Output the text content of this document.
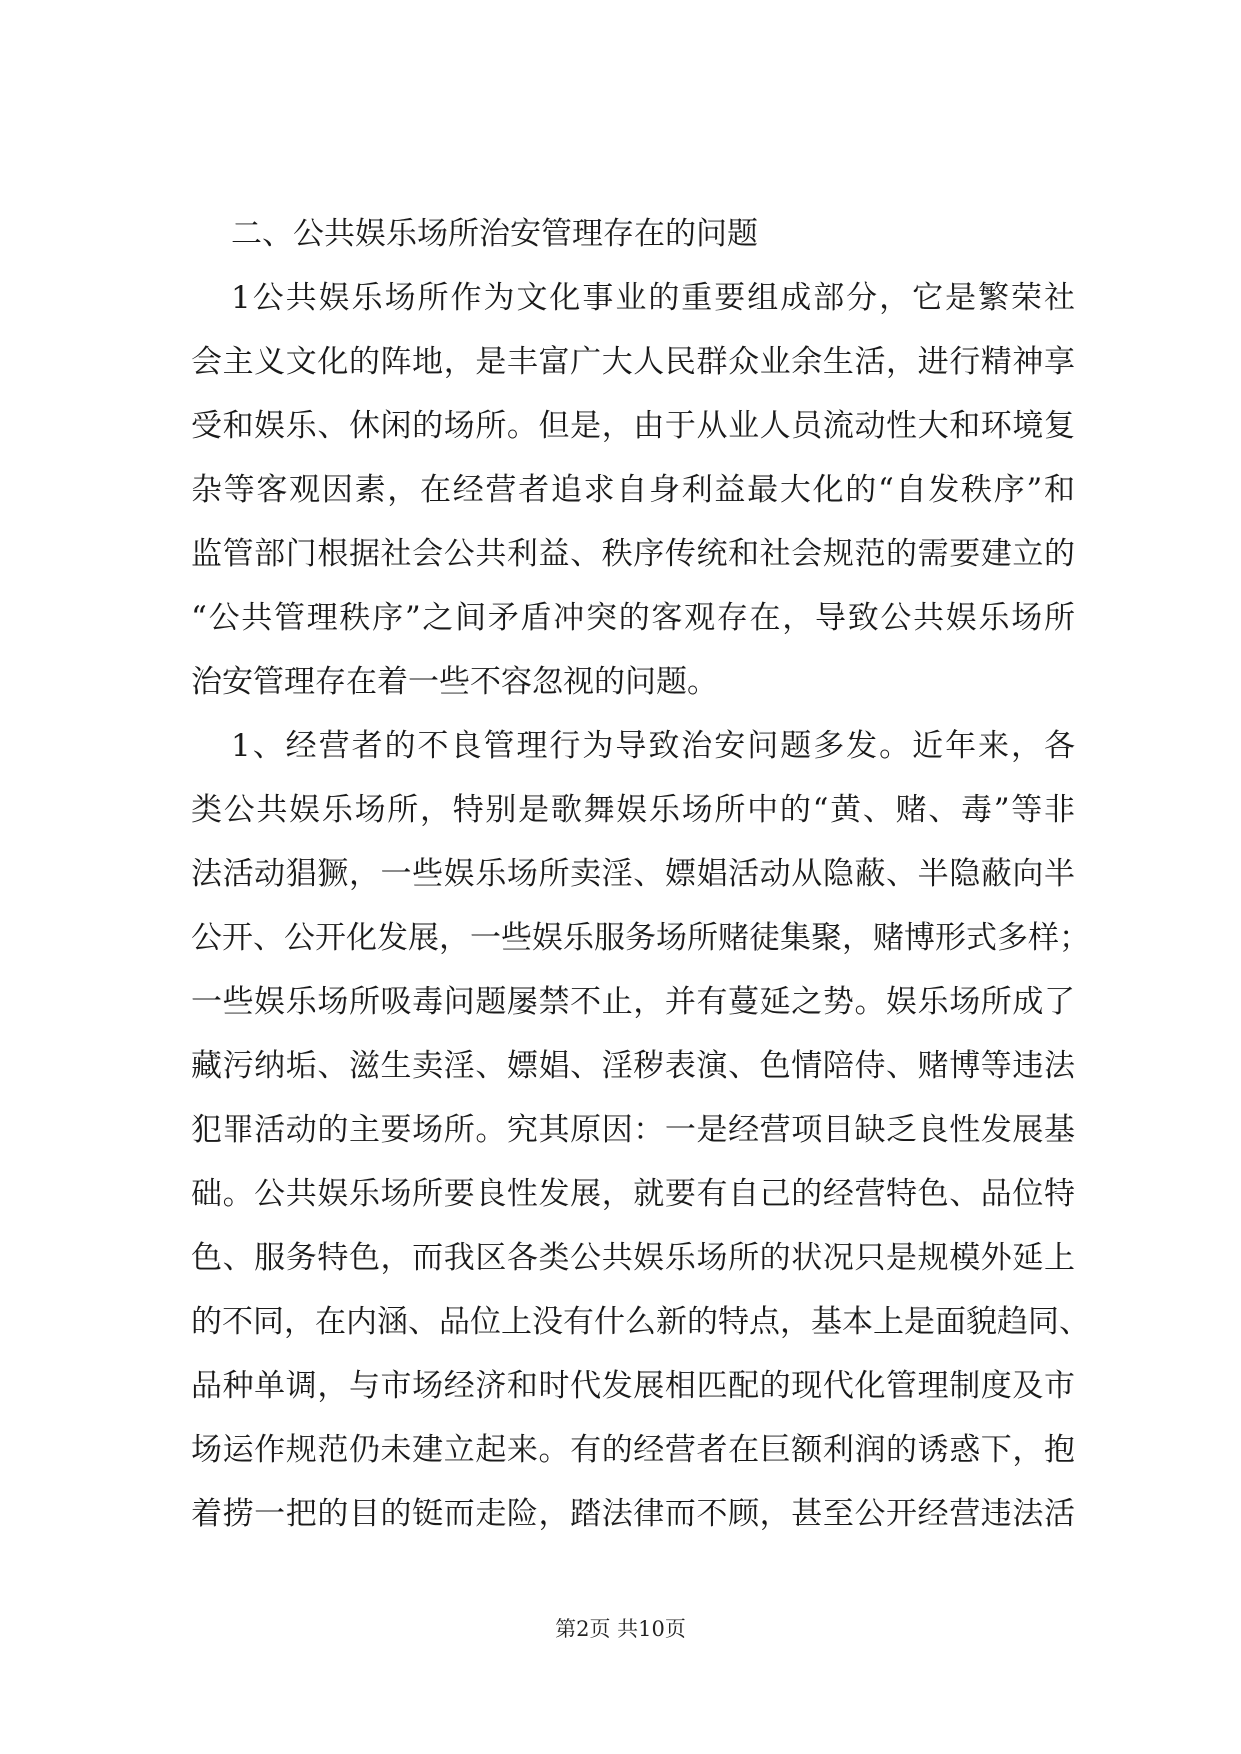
二、公共娱乐场所治安管理存在的问题
1公共娱乐场所作为文化事业的重要组成部分，它是繁荣社
会主义文化的阵地，是丰富广大人民群众业余生活，进行精神享
受和娱乐、休闲的场所。但是，由于从业人员流动性大和环境复
杂等客观因素，在经营者追求自身利益最大化的“自发秩序”和
监管部门根据社会公共利益、秩序传统和社会规范的需要建立的
“公共管理秩序”之间矛盾冲突的客观存在，导致公共娱乐场所
治安管理存在着一些不容忽视的问题。
1、经营者的不良管理行为导致治安问题多发。近年来，各
类公共娱乐场所，特别是歌舞娱乐场所中的“黄、赌、毒”等非
法活动猖獗，一些娱乐场所卖淫、嫖娼活动从隐蔽、半隐蔽向半
公开、公开化发展，一些娱乐服务场所赌徒集聚，赌博形式多样；
一些娱乐场所吸毒问题屡禁不止，并有蔓延之势。娱乐场所成了
藏污纳垢、滋生卖淫、嫖娼、淫秽表演、色情陪侍、赌博等违法
犯罪活动的主要场所。究其原因：一是经营项目缺乏良性发展基
础。公共娱乐场所要良性发展，就要有自己的经营特色、品位特
色、服务特色，而我区各类公共娱乐场所的状况只是规模外延上
的不同，在内涵、品位上没有什么新的特点，基本上是面貌趋同、
品种单调，与市场经济和时代发展相匹配的现代化管理制度及市
场运作规范仍未建立起来。有的经营者在巨额利润的诱惑下，抱
着捞一把的目的铤而走险，踏法律而不顾，甚至公开经营违法活
第2页 共10页
